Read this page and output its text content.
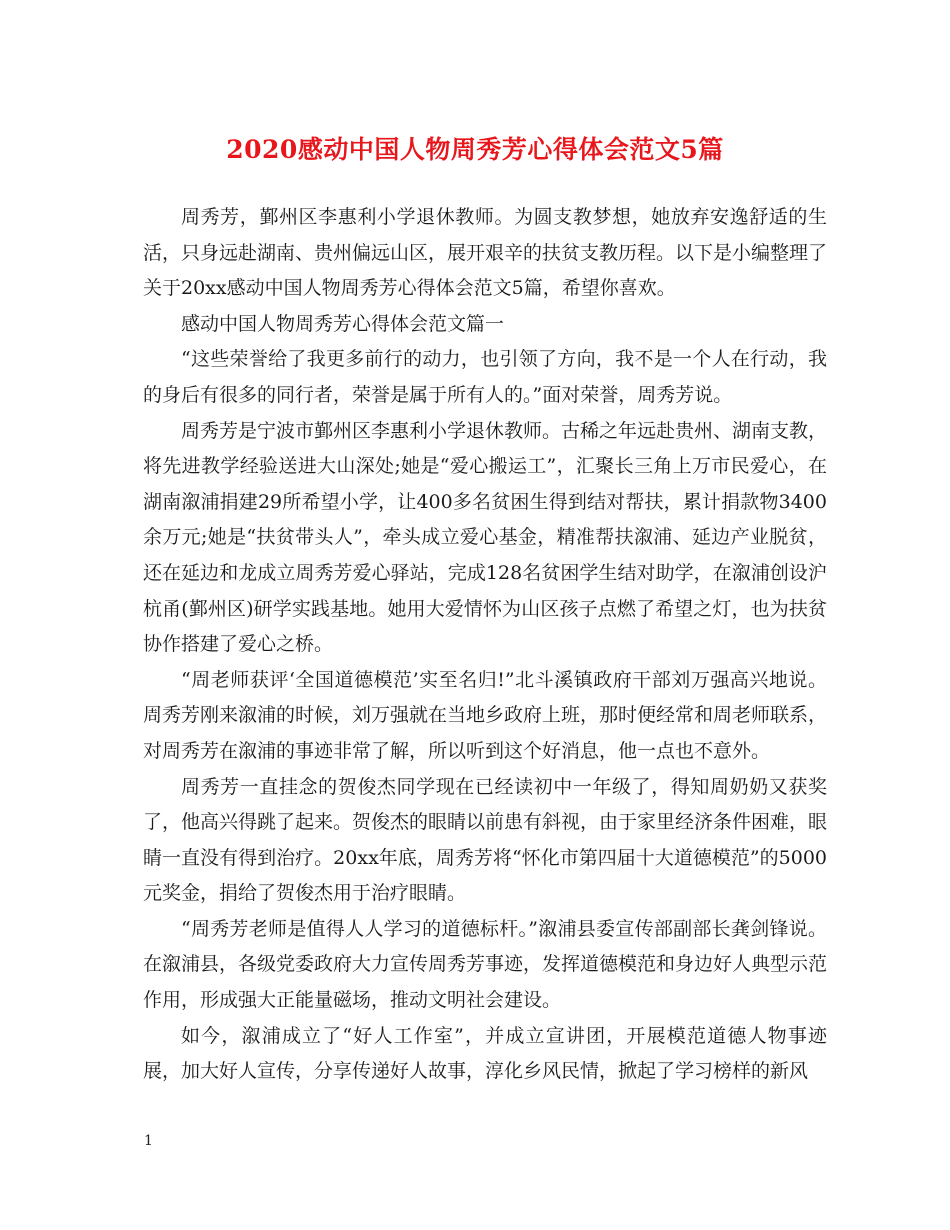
2020感动中国人物周秀芳心得体会范文5篇

周秀芳，鄞州区李惠利小学退休教师。为圆支教梦想，她放弃安逸舒适的生活，只身远赴湖南、贵州偏远山区，展开艰辛的扶贫支教历程。以下是小编整理了关于20xx感动中国人物周秀芳心得体会范文5篇，希望你喜欢。

感动中国人物周秀芳心得体会范文篇一

“这些荣誉给了我更多前行的动力，也引领了方向，我不是一个人在行动，我的身后有很多的同行者，荣誉是属于所有人的。”面对荣誉，周秀芳说。

周秀芳是宁波市鄞州区李惠利小学退休教师。古稀之年远赴贵州、湖南支教，将先进教学经验送进大山深处;她是“爱心搬运工”，汇聚长三角上万市民爱心，在湖南溆浦捐建29所希望小学，让400多名贫困生得到结对帮扶，累计捐款物3400余万元;她是“扶贫带头人”，牵头成立爱心基金，精准帮扶溆浦、延边产业脱贫，还在延边和龙成立周秀芳爱心驿站，完成128名贫困学生结对助学，在溆浦创设沪杭甬(鄞州区)研学实践基地。她用大爱情怀为山区孩子点燃了希望之灯，也为扶贫协作搭建了爱心之桥。

“周老师获评‘全国道德模范’实至名归!”北斗溪镇政府干部刘万强高兴地说。周秀芳刚来溆浦的时候，刘万强就在当地乡政府上班，那时便经常和周老师联系，对周秀芳在溆浦的事迹非常了解，所以听到这个好消息，他一点也不意外。

周秀芳一直挂念的贺俊杰同学现在已经读初中一年级了，得知周奶奶又获奖了，他高兴得跳了起来。贺俊杰的眼睛以前患有斜视，由于家里经济条件困难，眼睛一直没有得到治疗。20xx年底，周秀芳将“怀化市第四届十大道德模范”的5000元奖金，捐给了贺俊杰用于治疗眼睛。

“周秀芳老师是值得人人学习的道德标杆。”溆浦县委宣传部副部长龚剑锋说。在溆浦县，各级党委政府大力宣传周秀芳事迹，发挥道德模范和身边好人典型示范作用，形成强大正能量磁场，推动文明社会建设。

如今，溆浦成立了“好人工作室”，并成立宣讲团，开展模范道德人物事迹展，加大好人宣传，分享传递好人故事，淳化乡风民情，掀起了学习榜样的新风

1
